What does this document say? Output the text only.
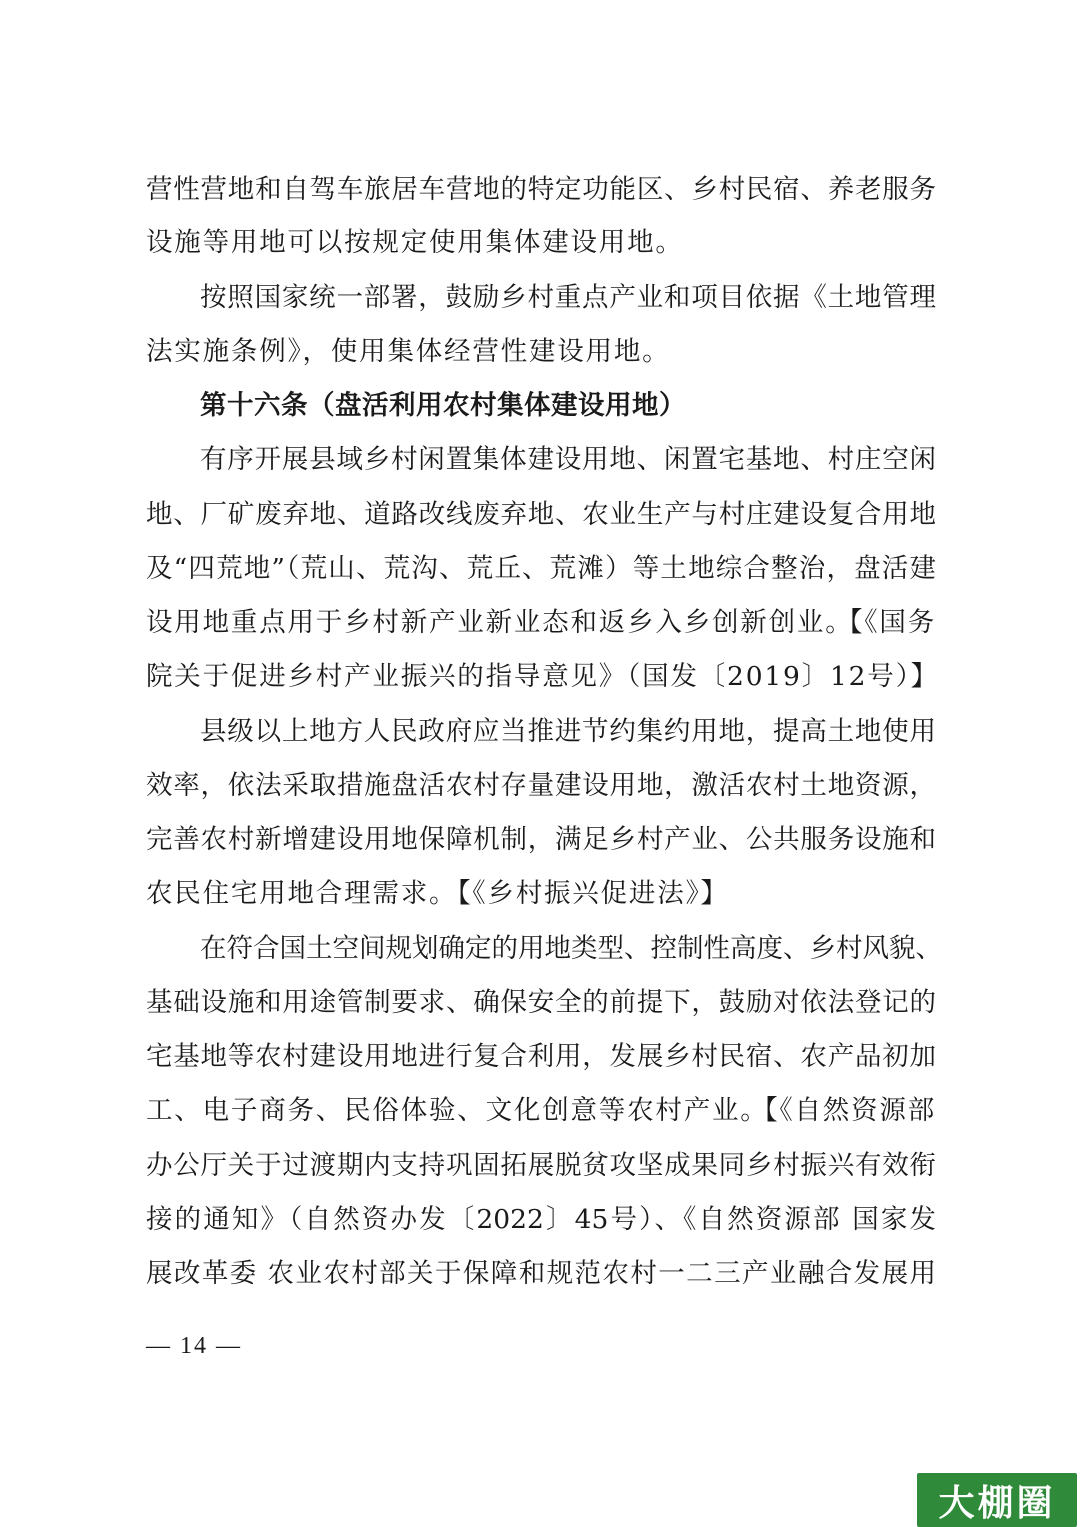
营性营地和自驾车旅居车营地的特定功能区、乡村民宿、养老服务
设施等用地可以按规定使用集体建设用地。
按照国家统一部署，鼓励乡村重点产业和项目依据《土地管理
法实施条例》，使用集体经营性建设用地。
第十六条（盘活利用农村集体建设用地）
有序开展县域乡村闲置集体建设用地、闲置宅基地、村庄空闲
地、厂矿废弃地、道路改线废弃地、农业生产与村庄建设复合用地
及“四荒地”（荒山、荒沟、荒丘、荒滩）等土地综合整治，盘活建
设用地重点用于乡村新产业新业态和返乡入乡创新创业。
【《国务
院关于促进乡村产业振兴的指导意见》（国发〔2019〕12号）】
县级以上地方人民政府应当推进节约集约用地，提高土地使用
效率，依法采取措施盘活农村存量建设用地，激活农村土地资源，
完善农村新增建设用地保障机制，满足乡村产业、公共服务设施和
农民住宅用地合理需求。【《乡村振兴促进法》】
在符合国土空间规划确定的用地类型、控制性高度、乡村风貌、
基础设施和用途管制要求、确保安全的前提下，鼓励对依法登记的
宅基地等农村建设用地进行复合利用，发展乡村民宿、农产品初加
工、电子商务、民俗体验、文化创意等农村产业。
【《自然资源部
办公厅关于过渡期内支持巩固拓展脱贫攻坚成果同乡村振兴有效衔
接的通知》（自然资办发〔2022〕45号）、《自然资源部 国家发
展改革委 农业农村部关于保障和规范农村一二三产业融合发展用
— 14 —
大棚圈
